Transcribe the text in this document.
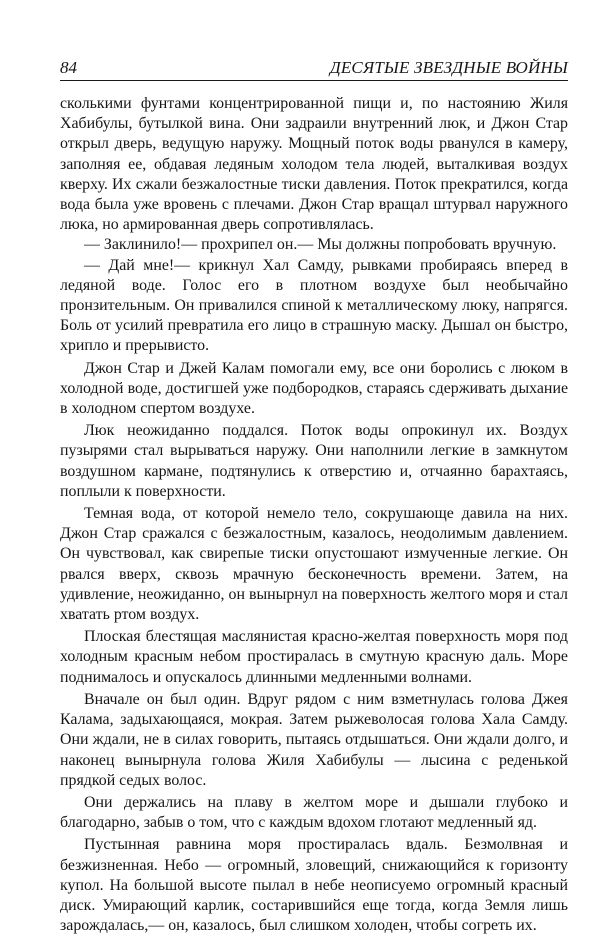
84	ДЕСЯТЫЕ ЗВЕЗДНЫЕ ВОЙНЫ

сколькими фунтами концентрированной пищи и, по настоянию Жиля Хабибулы, бутылкой вина. Они задраили внутренний люк, и Джон Стар открыл дверь, ведущую наружу. Мощный поток воды рванулся в камеру, заполняя ее, обдавая ледяным холодом тела людей, выталкивая воздух кверху. Их сжали безжалостные тиски давления. Поток прекратился, когда вода была уже вровень с плечами. Джон Стар вращал штурвал наружного люка, но армированная дверь сопротивлялась.

— Заклинило!— прохрипел он.— Мы должны попробовать вручную.

— Дай мне!— крикнул Хал Самду, рывками пробираясь вперед в ледяной воде. Голос его в плотном воздухе был необычайно пронзительным. Он привалился спиной к металлическому люку, напрягся. Боль от усилий превратила его лицо в страшную маску. Дышал он быстро, хрипло и прерывисто.

Джон Стар и Джей Калам помогали ему, все они боролись с люком в холодной воде, достигшей уже подбородков, стараясь сдерживать дыхание в холодном спертом воздухе.

Люк неожиданно поддался. Поток воды опрокинул их. Воздух пузырями стал вырываться наружу. Они наполнили легкие в замкнутом воздушном кармане, подтянулись к отверстию и, отчаянно барахтаясь, поплыли к поверхности.

Темная вода, от которой немело тело, сокрушающе давила на них. Джон Стар сражался с безжалостным, казалось, неодолимым давлением. Он чувствовал, как свирепые тиски опустошают измученные легкие. Он рвался вверх, сквозь мрачную бесконечность времени. Затем, на удивление, неожиданно, он вынырнул на поверхность желтого моря и стал хватать ртом воздух.

Плоская блестящая маслянистая красно-желтая поверхность моря под холодным красным небом простиралась в смутную красную даль. Море поднималось и опускалось длинными медленными волнами.

Вначале он был один. Вдруг рядом с ним взметнулась голова Джея Калама, задыхающаяся, мокрая. Затем рыжеволосая голова Хала Самду. Они ждали, не в силах говорить, пытаясь отдышаться. Они ждали долго, и наконец вынырнула голова Жиля Хабибулы — лысина с реденькой прядкой седых волос.

Они держались на плаву в желтом море и дышали глубоко и благодарно, забыв о том, что с каждым вдохом глотают медленный яд.

Пустынная равнина моря простиралась вдаль. Безмолвная и безжизненная. Небо — огромный, зловещий, снижающийся к горизонту купол. На большой высоте пылал в небе неописуемо огромный красный диск. Умирающий карлик, состарившийся еще тогда, когда Земля лишь зарождалась,— он, казалось, был слишком холоден, чтобы согреть их.
